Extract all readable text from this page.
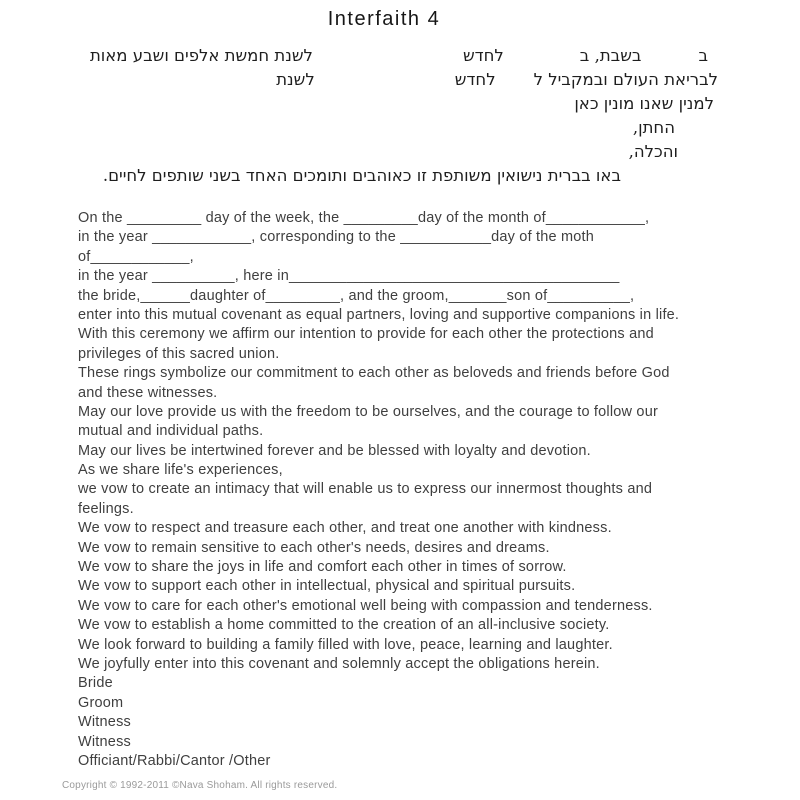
Interfaith 4
בבשבת, בלחדשלשנת חמשת אלפים ושבע מאות
לבריאת העולם ובמקביל ללחדשלשנת
למנין שאנו מונין כאן
החתן,
והכלה,
באו בברית נישואין משותפת זו כאוהבים ותומכים האחד בשני שותפים לחיים.
On the _________ day of the week, the _________day of the month of____________,
in the year ____________, corresponding to the ___________day of the moth
of____________,
in the year __________, here in________________________________________
the bride,______daughter of_________, and the groom,_______son of__________,
enter into this mutual covenant as equal partners, loving and supportive companions in life.
With this ceremony we affirm our intention to provide for each other the protections and
privileges of this sacred union.
These rings symbolize our commitment to each other as beloveds and friends before God
and these witnesses.
May our love provide us with the freedom to be ourselves, and the courage to follow our
mutual and individual paths.
May our lives be intertwined forever and be blessed with loyalty and devotion.
As we share life's experiences,
we vow to create an intimacy that will enable us to express our innermost thoughts and
feelings.
We vow to respect and treasure each other, and treat one another with kindness.
We vow to remain sensitive to each other's needs, desires and dreams.
We vow to share the joys in life and comfort each other in times of sorrow.
We vow to support each other in intellectual, physical and spiritual pursuits.
We vow to care for each other's emotional well being with compassion and tenderness.
We vow to establish a home committed to the creation of an all-inclusive society.
We look forward to building a family filled with love, peace, learning and laughter.
We joyfully enter into this covenant and solemnly accept the obligations herein.
Bride
Groom
Witness
Witness
Officiant/Rabbi/Cantor /Other
Copyright © 1992-2011 ©Nava Shoham. All rights reserved.
